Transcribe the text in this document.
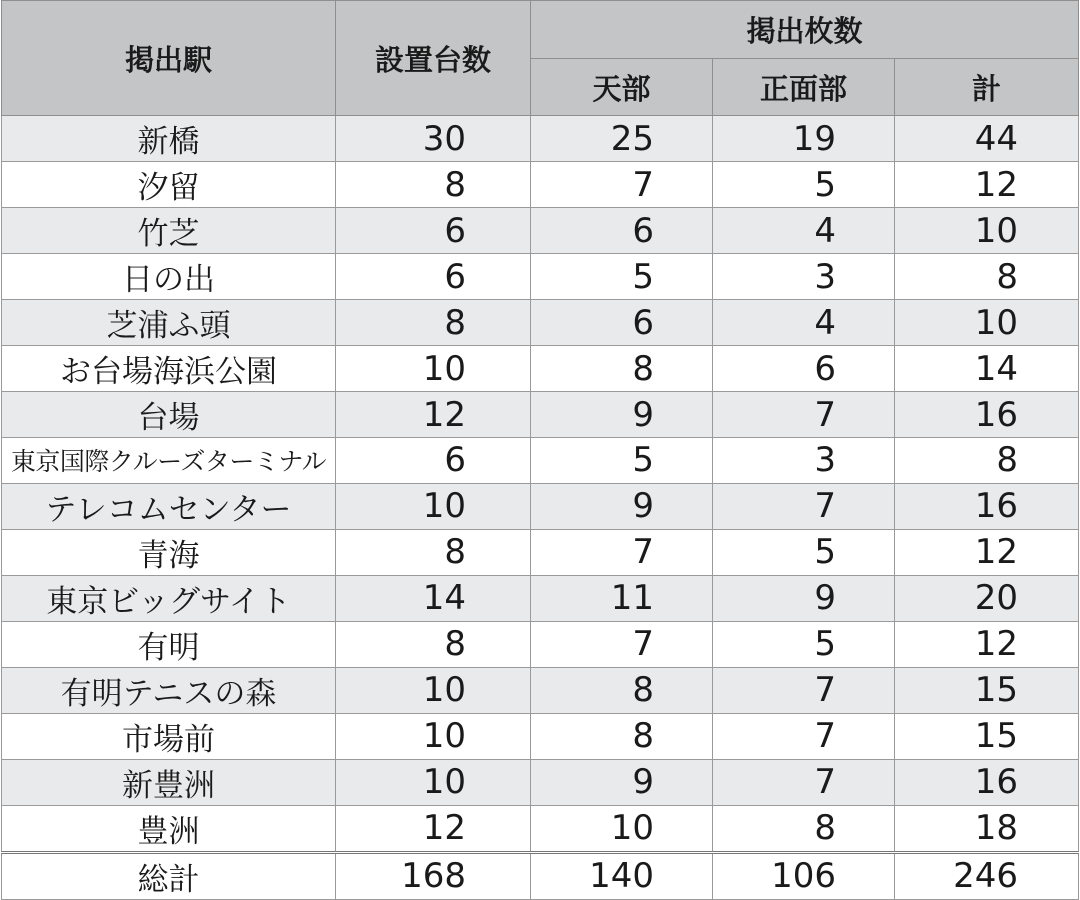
掲出駅	設置台数	掲出枚数		
		天部	正面部	計
新橋	30	25	19	44
汐留	8	7	5	12
竹芝	6	6	4	10
日の出	6	5	3	8
芝浦ふ頭	8	6	4	10
お台場海浜公園	10	8	6	14
台場	12	9	7	16
東京国際クルーズターミナル	6	5	3	8
テレコムセンター	10	9	7	16
青海	8	7	5	12
東京ビッグサイト	14	11	9	20
有明	8	7	5	12
有明テニスの森	10	8	7	15
市場前	10	8	7	15
新豊洲	10	9	7	16
豊洲	12	10	8	18
総計	168	140	106	246
